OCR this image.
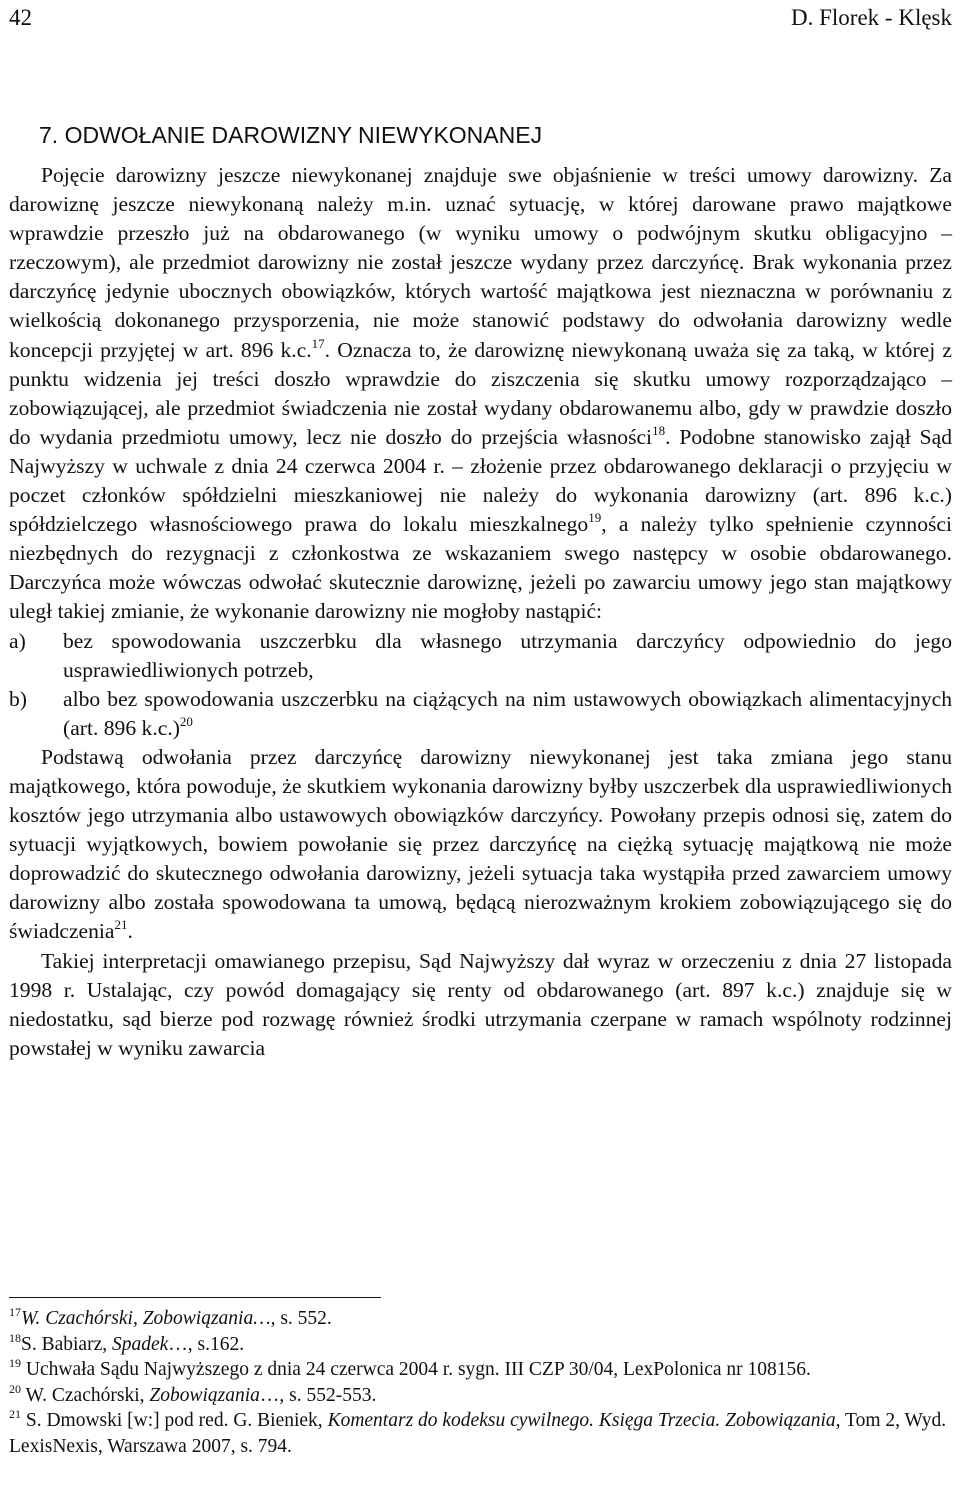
42	D. Florek - Klęsk
7. ODWOŁANIE DAROWIZNY NIEWYKONANEJ

Pojęcie darowizny jeszcze niewykonanej znajduje swe objaśnienie w treści umowy darowizny. Za darowiznę jeszcze niewykonaną należy m.in. uznać sytuację, w której darowane prawo majątkowe wprawdzie przeszło już na obdarowanego (w wyniku umowy o podwójnym skutku obligacyjno – rzeczowym), ale przedmiot darowizny nie został jeszcze wydany przez darczyńcę. Brak wykonania przez darczyńcę jedynie ubocznych obowiązków, których wartość majątkowa jest nieznaczna w porównaniu z wielkością dokonanego przysporzenia, nie może stanowić podstawy do odwołania darowizny wedle koncepcji przyjętej w art. 896 k.c.$^{17}$. Oznacza to, że darowiznę niewykonaną uważa się za taką, w której z punktu widzenia jej treści doszło wprawdzie do ziszczenia się skutku umowy rozporządzająco – zobowiązującej, ale przedmiot świadczenia nie został wydany obdarowanemu albo, gdy w prawdzie doszło do wydania przedmiotu umowy, lecz nie doszło do przejścia własności$^{18}$. Podobne stanowisko zajął Sąd Najwyższy w uchwale z dnia 24 czerwca 2004 r. – złożenie przez obdarowanego deklaracji o przyjęciu w poczet członków spółdzielni mieszkaniowej nie należy do wykonania darowizny (art. 896 k.c.) spółdzielczego własnościowego prawa do lokalu mieszkalnego$^{19}$, a należy tylko spełnienie czynności niezbędnych do rezygnacji z członkostwa ze wskazaniem swego następcy w osobie obdarowanego. Darczyńca może wówczas odwołać skutecznie darowiznę, jeżeli po zawarciu umowy jego stan majątkowy uległ takiej zmianie, że wykonanie darowizny nie mogłoby nastąpić:

a)	bez spowodowania uszczerbku dla własnego utrzymania darczyńcy odpowiednio do jego usprawiedliwionych potrzeb,
b)	albo bez spowodowania uszczerbku na ciążących na nim ustawowych obowiązkach alimentacyjnych (art. 896 k.c.)$^{20}$

Podstawą odwołania przez darczyńcę darowizny niewykonanej jest taka zmiana jego stanu majątkowego, która powoduje, że skutkiem wykonania darowizny byłby uszczerbek dla usprawiedliwionych kosztów jego utrzymania albo ustawowych obowiązków darczyńcy. Powołany przepis odnosi się, zatem do sytuacji wyjątkowych, bowiem powołanie się przez darczyńcę na ciężką sytuację majątkową nie może doprowadzić do skutecznego odwołania darowizny, jeżeli sytuacja taka wystąpiła przed zawarciem umowy darowizny albo została spowodowana ta umową, będącą nierozważnym krokiem zobowiązującego się do świadczenia$^{21}$.

Takiej interpretacji omawianego przepisu, Sąd Najwyższy dał wyraz w orzeczeniu z dnia 27 listopada 1998 r. Ustalając, czy powód domagający się renty od obdarowanego (art. 897 k.c.) znajduje się w niedostatku, sąd bierze pod rozwagę również środki utrzymania czerpane w ramach wspólnoty rodzinnej powstałej w wyniku zawarcia

$^{17}$W. Czachórski, Zobowiązania…, s. 552.

$^{18}$S. Babiarz, Spadek…, s.162.

$^{19}$ Uchwała Sądu Najwyższego z dnia 24 czerwca 2004 r. sygn. III CZP 30/04, LexPolonica nr 108156.

$^{20}$ W. Czachórski, Zobowiązania…, s. 552-553.

$^{21}$ S. Dmowski [w:] pod red. G. Bieniek, Komentarz do kodeksu cywilnego. Księga Trzecia. Zobowiązania, Tom 2, Wyd. LexisNexis, Warszawa 2007, s. 794.
